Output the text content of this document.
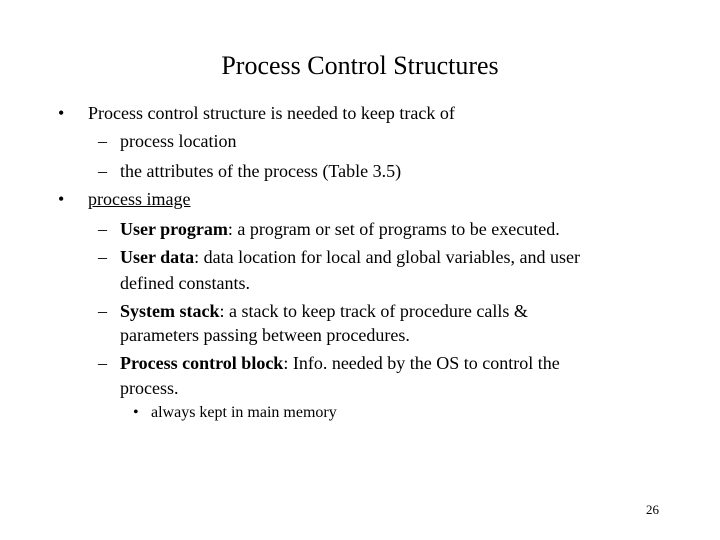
Process Control Structures
• Process control structure is needed to keep track of
– process location
– the attributes of the process (Table 3.5)
• process image
– User program: a program or set of programs to be executed.
– User data: data location for local and global variables, and user
defined constants.
– System stack: a stack to keep track of procedure calls &
parameters passing between procedures.
– Process control block: Info. needed by the OS to control the
process.
• always kept in main memory
26
